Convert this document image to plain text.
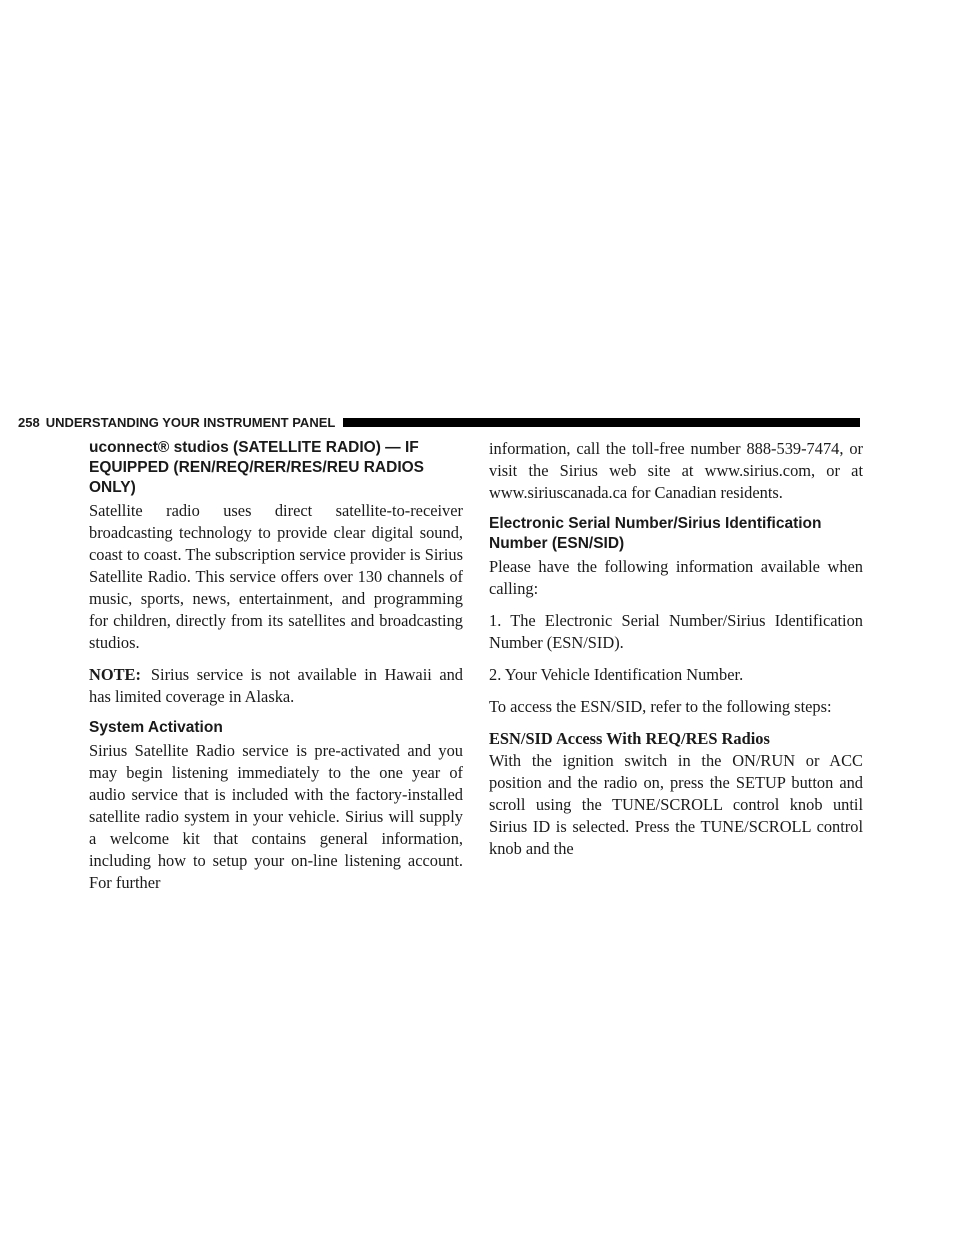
258 UNDERSTANDING YOUR INSTRUMENT PANEL
uconnect® studios (SATELLITE RADIO) — IF EQUIPPED (REN/REQ/RER/RES/REU RADIOS ONLY)

Satellite radio uses direct satellite-to-receiver broadcasting technology to provide clear digital sound, coast to coast. The subscription service provider is Sirius Satellite Radio. This service offers over 130 channels of music, sports, news, entertainment, and programming for children, directly from its satellites and broadcasting studios.

NOTE: Sirius service is not available in Hawaii and has limited coverage in Alaska.

System Activation

Sirius Satellite Radio service is pre-activated and you may begin listening immediately to the one year of audio service that is included with the factory-installed satellite radio system in your vehicle. Sirius will supply a welcome kit that contains general information, including how to setup your on-line listening account. For further

information, call the toll-free number 888-539-7474, or visit the Sirius web site at www.sirius.com, or at www.siriuscanada.ca for Canadian residents.

Electronic Serial Number/Sirius Identification Number (ESN/SID)

Please have the following information available when calling:

1. The Electronic Serial Number/Sirius Identification Number (ESN/SID).

2. Your Vehicle Identification Number.

To access the ESN/SID, refer to the following steps:

ESN/SID Access With REQ/RES Radios

With the ignition switch in the ON/RUN or ACC position and the radio on, press the SETUP button and scroll using the TUNE/SCROLL control knob until Sirius ID is selected. Press the TUNE/SCROLL control knob and the
